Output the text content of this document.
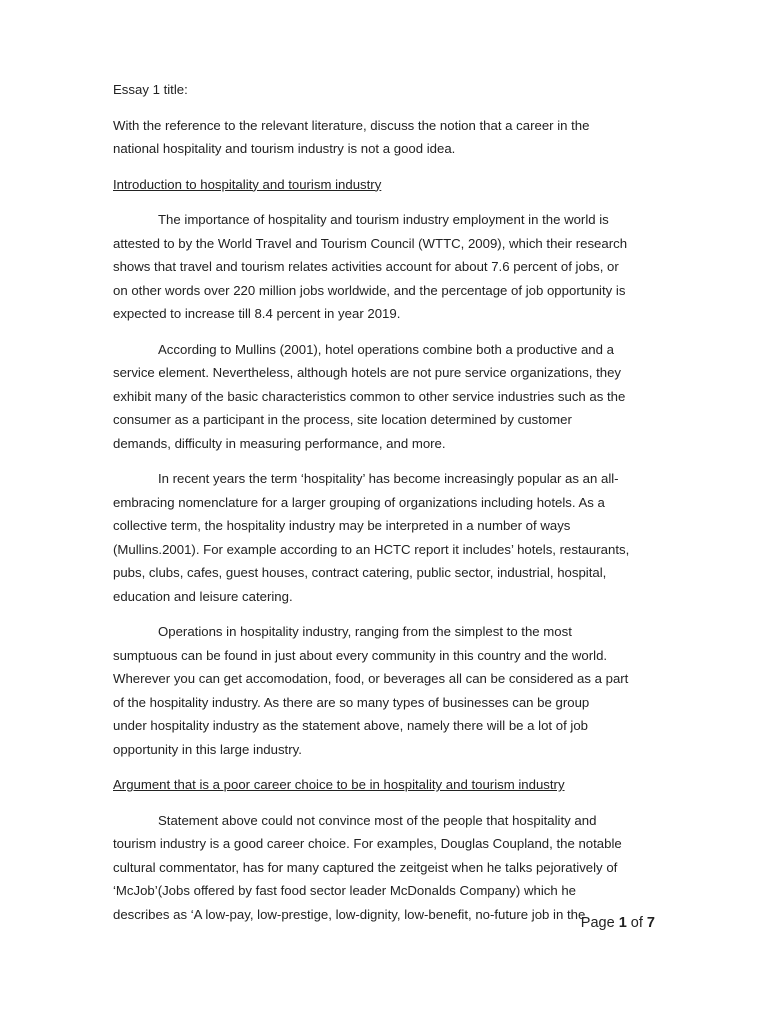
Essay 1 title:
With the reference to the relevant literature, discuss the notion that a career in the
national hospitality and tourism industry is not a good idea.
Introduction to hospitality and tourism industry
The importance of hospitality and tourism industry employment in the world is
attested to by the World Travel and Tourism Council (WTTC, 2009), which their research
shows that travel and tourism relates activities account for about 7.6 percent of jobs, or
on other words over 220 million jobs worldwide, and the percentage of job opportunity is
expected to increase till 8.4 percent in year 2019.
According to Mullins (2001), hotel operations combine both a productive and a
service element. Nevertheless, although hotels are not pure service organizations, they
exhibit many of the basic characteristics common to other service industries such as the
consumer as a participant in the process, site location determined by customer
demands, difficulty in measuring performance, and more.
In recent years the term ‘hospitality’ has become increasingly popular as an all-
embracing nomenclature for a larger grouping of organizations including hotels. As a
collective term, the hospitality industry may be interpreted in a number of ways
(Mullins.2001). For example according to an HCTC report it includes’ hotels, restaurants,
pubs, clubs, cafes, guest houses, contract catering, public sector, industrial, hospital,
education and leisure catering.
Operations in hospitality industry, ranging from the simplest to the most
sumptuous can be found in just about every community in this country and the world.
Wherever you can get accomodation, food, or beverages all can be considered as a part
of the hospitality industry. As there are so many types of businesses can be group
under hospitality industry as the statement above, namely there will be a lot of job
opportunity in this large industry.
Argument that is a poor career choice to be in hospitality and tourism industry
Statement above could not convince most of the people that hospitality and
tourism industry is a good career choice. For examples, Douglas Coupland, the notable
cultural commentator, has for many captured the zeitgeist when he talks pejoratively of
‘McJob’(Jobs offered by fast food sector leader McDonalds Company) which he
describes as ‘A low-pay, low-prestige, low-dignity, low-benefit, no-future job in the
Page 1 of 7
